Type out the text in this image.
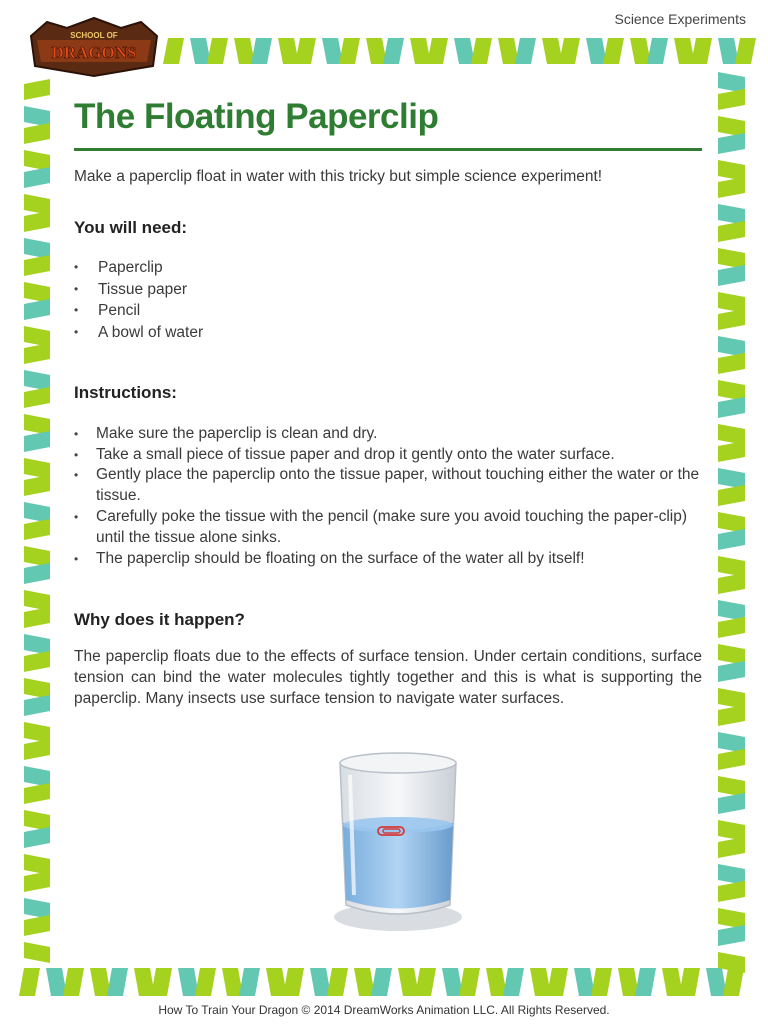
Science Experiments
SCHOOL OF
DRAGONS
The Floating Paperclip
Make a paperclip float in water with this tricky but simple science experiment!
You will need:
• Paperclip
• Tissue paper
• Pencil
• A bowl of water
Instructions:
• Make sure the paperclip is clean and dry.
• Take a small piece of tissue paper and drop it gently onto the water surface.
• Gently place the paperclip onto the tissue paper, without touching either the water or the tissue.
• Carefully poke the tissue with the pencil (make sure you avoid touching the paper-clip) until the tissue alone sinks.
• The paperclip should be floating on the surface of the water all by itself!
Why does it happen?
The paperclip floats due to the effects of surface tension. Under certain conditions, surface tension can bind the water molecules tightly together and this is what is supporting the paperclip. Many insects use surface tension to navigate water surfaces.
How To Train Your Dragon © 2014 DreamWorks Animation LLC. All Rights Reserved.
